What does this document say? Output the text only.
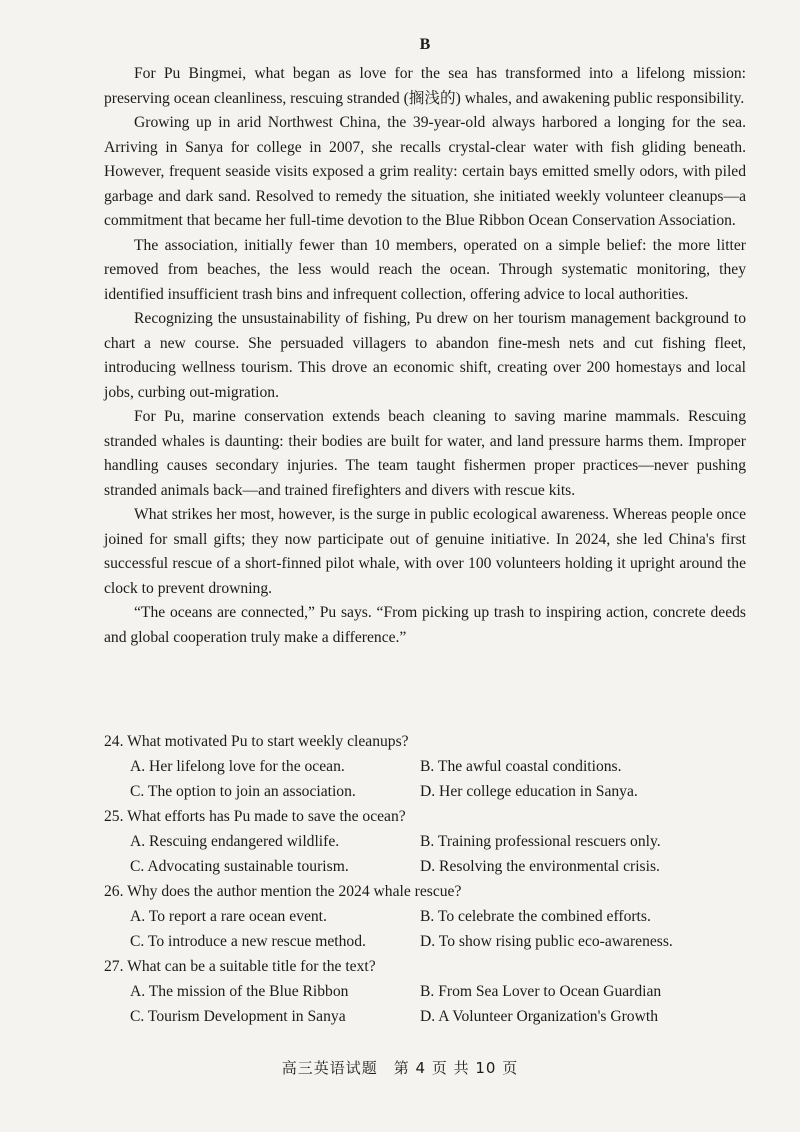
B

For Pu Bingmei, what began as love for the sea has transformed into a lifelong mission: preserving ocean cleanliness, rescuing stranded (搁浅的) whales, and awakening public responsibility.

Growing up in arid Northwest China, the 39-year-old always harbored a longing for the sea. Arriving in Sanya for college in 2007, she recalls crystal-clear water with fish gliding beneath. However, frequent seaside visits exposed a grim reality: certain bays emitted smelly odors, with piled garbage and dark sand. Resolved to remedy the situation, she initiated weekly volunteer cleanups—a commitment that became her full-time devotion to the Blue Ribbon Ocean Conservation Association.

The association, initially fewer than 10 members, operated on a simple belief: the more litter removed from beaches, the less would reach the ocean. Through systematic monitoring, they identified insufficient trash bins and infrequent collection, offering advice to local authorities.

Recognizing the unsustainability of fishing, Pu drew on her tourism management background to chart a new course. She persuaded villagers to abandon fine-mesh nets and cut fishing fleet, introducing wellness tourism. This drove an economic shift, creating over 200 homestays and local jobs, curbing out-migration.

For Pu, marine conservation extends beach cleaning to saving marine mammals. Rescuing stranded whales is daunting: their bodies are built for water, and land pressure harms them. Improper handling causes secondary injuries. The team taught fishermen proper practices—never pushing stranded animals back—and trained firefighters and divers with rescue kits.

What strikes her most, however, is the surge in public ecological awareness. Whereas people once joined for small gifts; they now participate out of genuine initiative. In 2024, she led China's first successful rescue of a short-finned pilot whale, with over 100 volunteers holding it upright around the clock to prevent drowning.

“The oceans are connected,” Pu says. “From picking up trash to inspiring action, concrete deeds and global cooperation truly make a difference.”

24. What motivated Pu to start weekly cleanups?
A. Her lifelong love for the ocean.	B. The awful coastal conditions.
C. The option to join an association.	D. Her college education in Sanya.
25. What efforts has Pu made to save the ocean?
A. Rescuing endangered wildlife.	B. Training professional rescuers only.
C. Advocating sustainable tourism.	D. Resolving the environmental crisis.
26. Why does the author mention the 2024 whale rescue?
A. To report a rare ocean event.	B. To celebrate the combined efforts.
C. To introduce a new rescue method.	D. To show rising public eco-awareness.
27. What can be a suitable title for the text?
A. The mission of the Blue Ribbon	B. From Sea Lover to Ocean Guardian
C. Tourism Development in Sanya	D. A Volunteer Organization's Growth
高三英语试题　第 4 页 共 10 页
